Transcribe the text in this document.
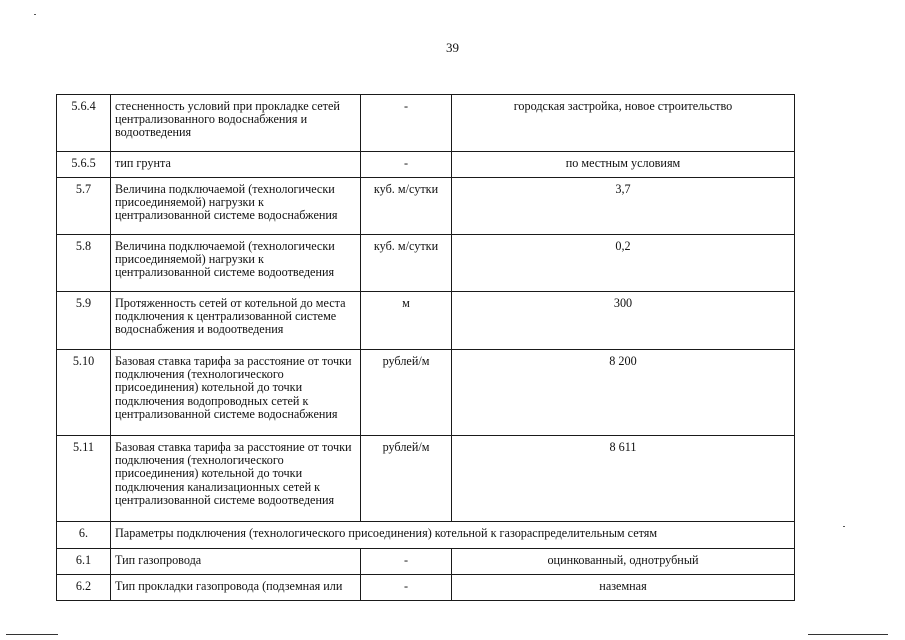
39
5.6.4	стесненность условий при прокладке сетей централизованного водоснабжения и водоотведения	-	городская застройка, новое строительство
5.6.5	тип грунта	-	по местным условиям
5.7	Величина подключаемой (технологически присоединяемой) нагрузки к централизованной системе водоснабжения	куб. м/сутки	3,7
5.8	Величина подключаемой (технологически присоединяемой) нагрузки к централизованной системе водоотведения	куб. м/сутки	0,2
5.9	Протяженность сетей от котельной до места подключения к централизованной системе водоснабжения и водоотведения	м	300
5.10	Базовая ставка тарифа за расстояние от точки подключения (технологического присоединения) котельной до точки подключения водопроводных сетей к централизованной системе водоснабжения	рублей/м	8 200
5.11	Базовая ставка тарифа за расстояние от точки подключения (технологического присоединения) котельной до точки подключения канализационных сетей к централизованной системе водоотведения	рублей/м	8 611
6.	Параметры подключения (технологического присоединения) котельной к газораспределительным сетям		
6.1	Тип газопровода	-	оцинкованный, однотрубный
6.2	Тип прокладки газопровода (подземная или	-	наземная
